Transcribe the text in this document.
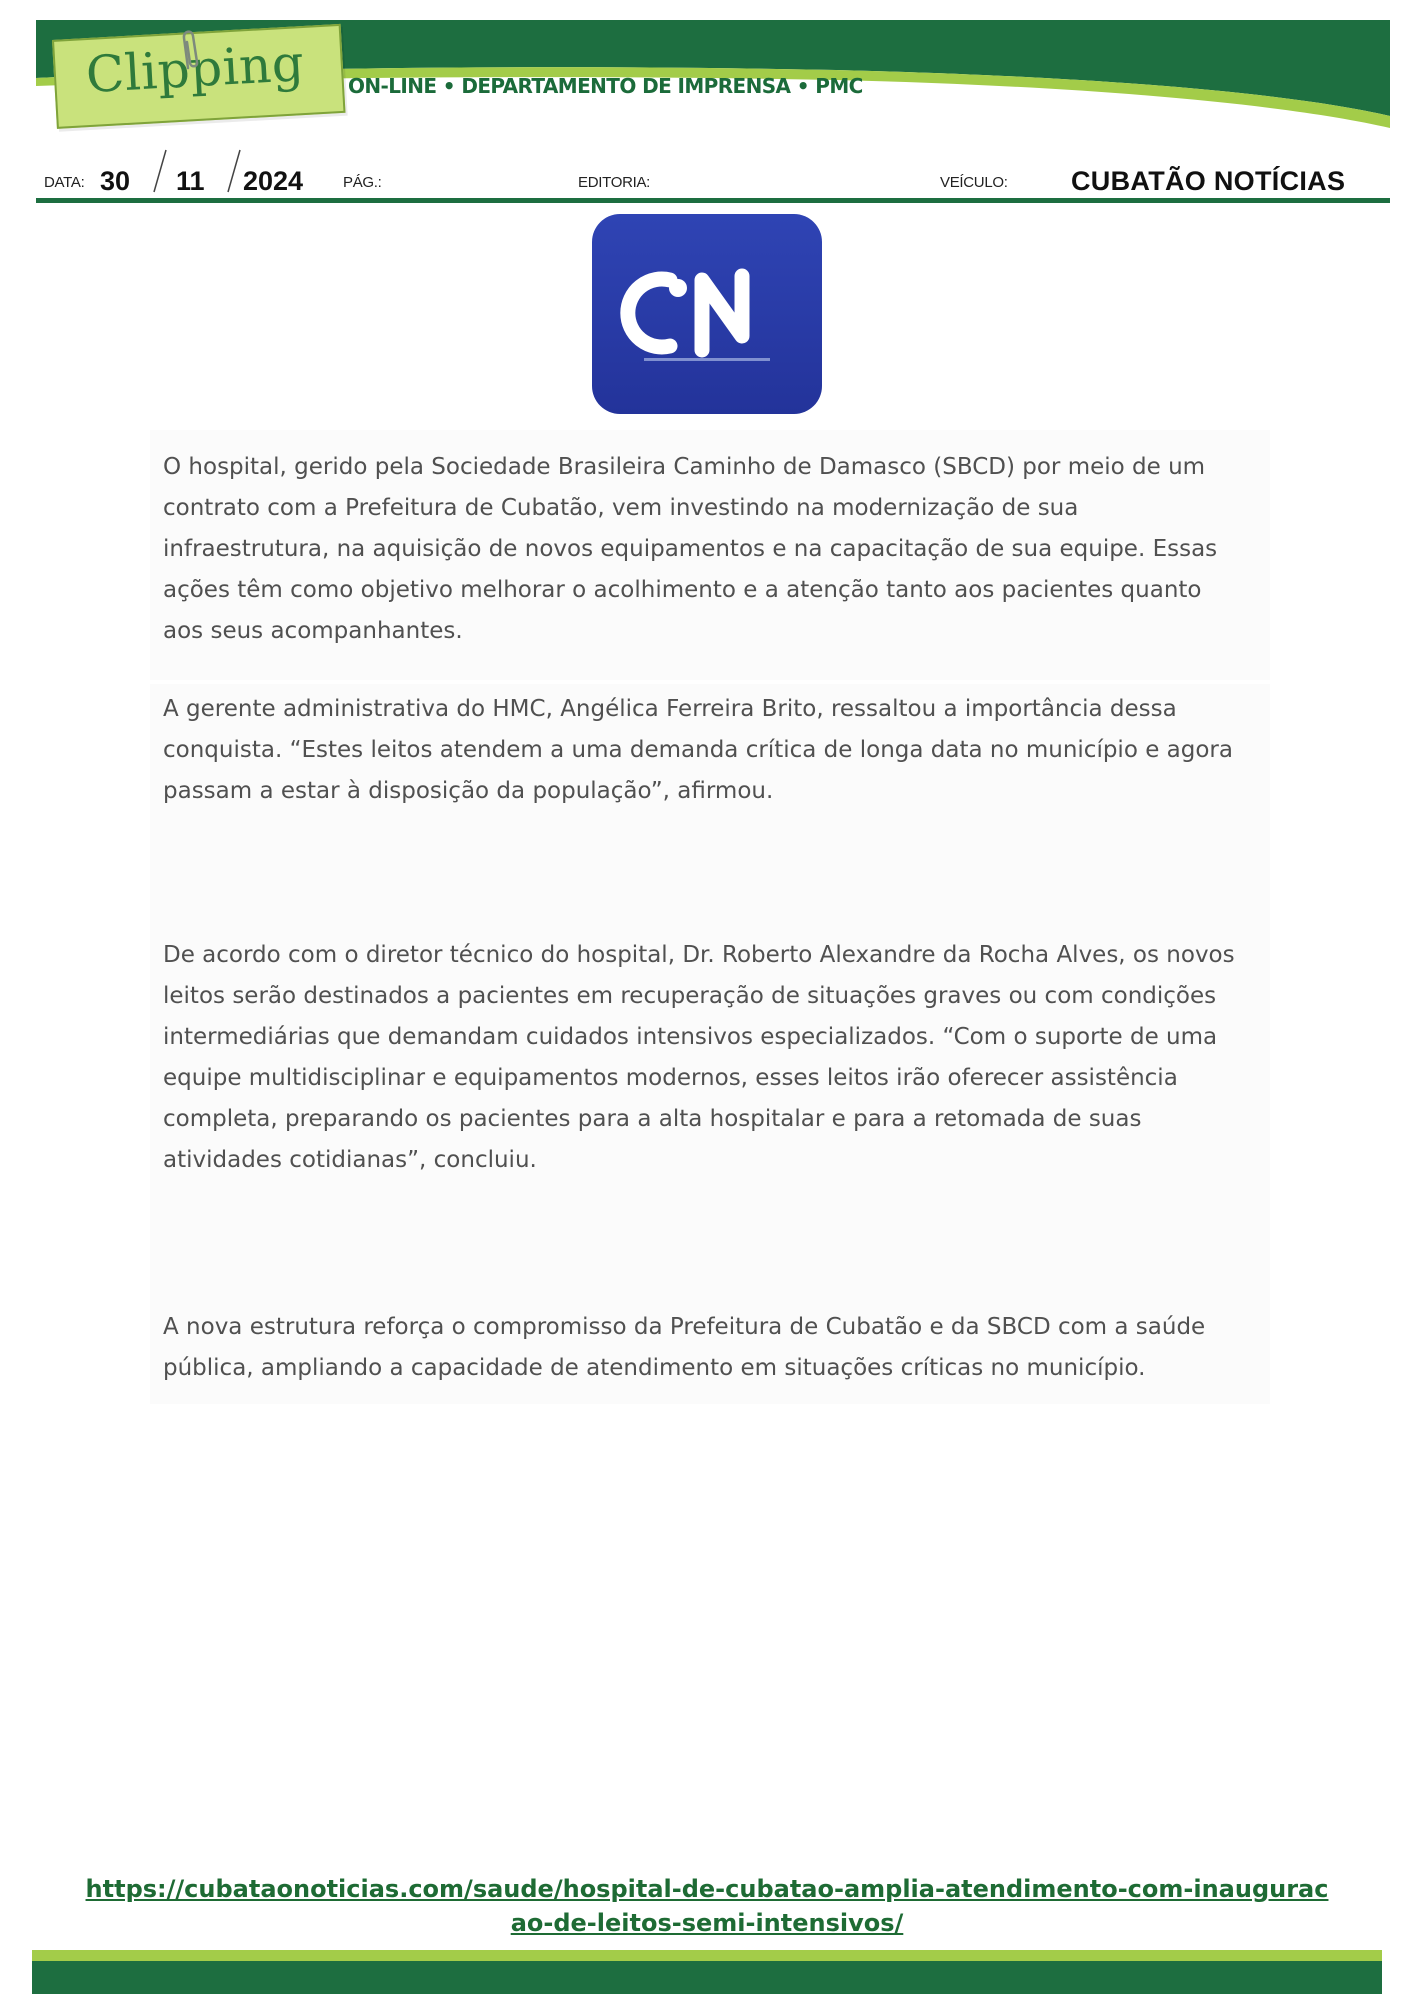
Clipping ON-LINE • DEPARTAMENTO DE IMPRENSA • PMC
DATA: 30 11 2024	PÁG.:	EDITORIA:	VEÍCULO: CUBATÃO NOTÍCIAS

O hospital, gerido pela Sociedade Brasileira Caminho de Damasco (SBCD) por meio de um contrato com a Prefeitura de Cubatão, vem investindo na modernização de sua infraestrutura, na aquisição de novos equipamentos e na capacitação de sua equipe. Essas ações têm como objetivo melhorar o acolhimento e a atenção tanto aos pacientes quanto aos seus acompanhantes.

A gerente administrativa do HMC, Angélica Ferreira Brito, ressaltou a importância dessa conquista. “Estes leitos atendem a uma demanda crítica de longa data no município e agora passam a estar à disposição da população”, afirmou.

De acordo com o diretor técnico do hospital, Dr. Roberto Alexandre da Rocha Alves, os novos leitos serão destinados a pacientes em recuperação de situações graves ou com condições intermediárias que demandam cuidados intensivos especializados. “Com o suporte de uma equipe multidisciplinar e equipamentos modernos, esses leitos irão oferecer assistência completa, preparando os pacientes para a alta hospitalar e para a retomada de suas atividades cotidianas”, concluiu.

A nova estrutura reforça o compromisso da Prefeitura de Cubatão e da SBCD com a saúde pública, ampliando a capacidade de atendimento em situações críticas no município.

https://cubataonoticias.com/saude/hospital-de-cubatao-amplia-atendimento-com-inauguracao-de-leitos-semi-intensivos/
